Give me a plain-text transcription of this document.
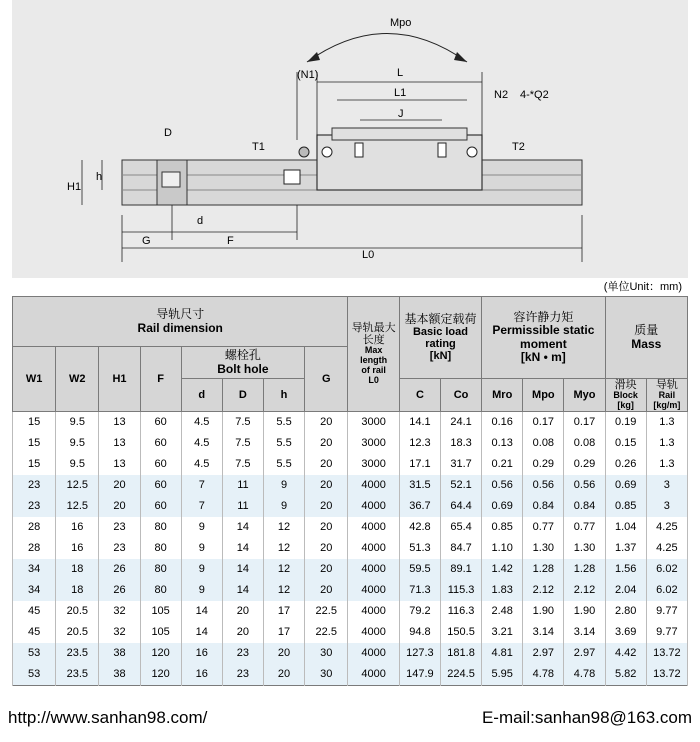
Mpo
(N1)	L
L1	N2 4-*Q2
J
T1	T2
D
h
H1
d
G	F
L0
(单位Unit：mm)
导轨尺寸
Rail dimension								导轨最大长度
Max
length
of rail
L0	基本额定载荷
Basic load
rating
[kN]		容许静力矩
Permissible static
moment
[kN • m]			质量
Mass	

W1	W2	H1	F	螺栓孔
Bolt hole			G								
				d	D	h			C	Co	Mro	Mpo	Myo	滑块
Block
[kg]	导轨
Rail
[kg/m]

15	9.5	13	60	4.5	7.5	5.5	20	3000	14.1	24.1	0.16	0.17	0.17	0.19	1.3
15	9.5	13	60	4.5	7.5	5.5	20	3000	12.3	18.3	0.13	0.08	0.08	0.15	1.3
15	9.5	13	60	4.5	7.5	5.5	20	3000	17.1	31.7	0.21	0.29	0.29	0.26	1.3
23	12.5	20	60	7	11	9	20	4000	31.5	52.1	0.56	0.56	0.56	0.69	3
23	12.5	20	60	7	11	9	20	4000	36.7	64.4	0.69	0.84	0.84	0.85	3
28	16	23	80	9	14	12	20	4000	42.8	65.4	0.85	0.77	0.77	1.04	4.25
28	16	23	80	9	14	12	20	4000	51.3	84.7	1.10	1.30	1.30	1.37	4.25
34	18	26	80	9	14	12	20	4000	59.5	89.1	1.42	1.28	1.28	1.56	6.02
34	18	26	80	9	14	12	20	4000	71.3	115.3	1.83	2.12	2.12	2.04	6.02
45	20.5	32	105	14	20	17	22.5	4000	79.2	116.3	2.48	1.90	1.90	2.80	9.77
45	20.5	32	105	14	20	17	22.5	4000	94.8	150.5	3.21	3.14	3.14	3.69	9.77
53	23.5	38	120	16	23	20	30	4000	127.3	181.8	4.81	2.97	2.97	4.42	13.72
53	23.5	38	120	16	23	20	30	4000	147.9	224.5	5.95	4.78	4.78	5.82	13.72
http://www.sanhan98.com/	E-mail:sanhan98@163.com
